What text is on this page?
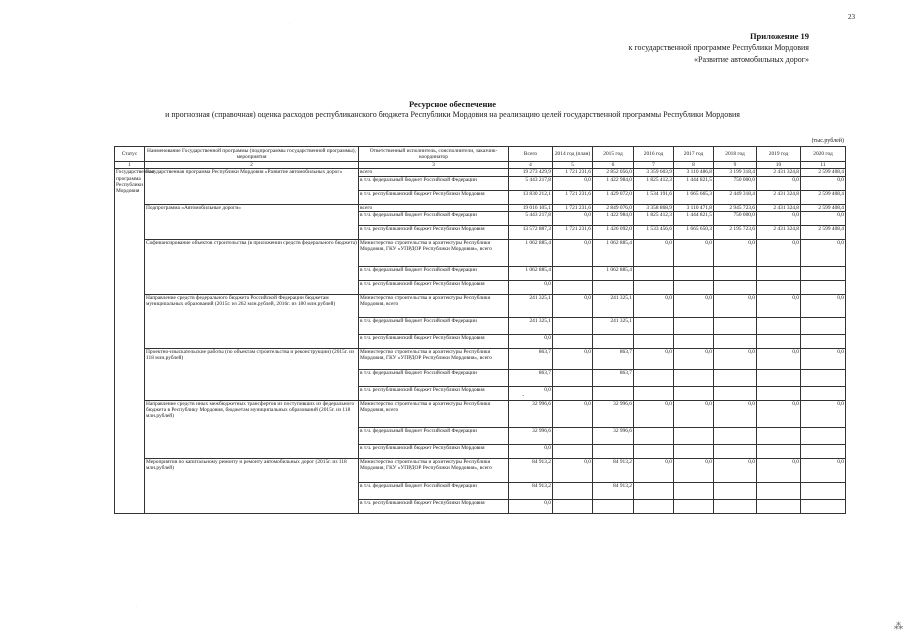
23
Приложение 19
к государственной программе Республики Мордовия
«Развитие автомобильных дорог»
Ресурсное обеспечение
и прогнозная (справочная) оценка расходов республиканского бюджета Республики Мордовия на реализацию целей государственной программы Республики Мордовия
(тыс.рублей)
·
·
·
Статус	Наименование Государственной программы (подпрограммы государственной программы), мероприятия	Ответственный исполнитель, соисполнители, заказчик-координатор	Всего	2014 год (план)	2015 год	2016 год	2017 год	2018 год	2019 год	2020 год
1	2	3	4	5	6	7	8	9	10	11
Государственная программа Республики Мордовия	Государственная программа Республики Мордовия «Развитие автомобильных дорог»	всего	19 273 429,9	1 721 231,6	2 852 056,0	3 359 603,9	3 110 486,8	3 199 318,4	2 431 324,8	2 599 408,4
		в т.ч. федеральный бюджет Российской Федерации	5 443 217,8	0,0	1 422 984,0	1 825 412,3	1 444 821,5	750 000,0	0,0	0,0
		в т.ч. республиканский бюджет Республики Мордовия	13 830 212,1	1 721 231,6	1 429 072,0	1 534 191,6	1 665 665,3	2 449 318,4	2 431 324,8	2 599 408,4
	Подпрограмма «Автомобильные дороги»	всего	19 016 105,1	1 721 231,6	2 849 076,0	3 358 868,9	3 110 471,8	2 945 723,6	2 431 324,8	2 599 408,4
		в т.ч. федеральный бюджет Российской Федерации	5 443 217,8	0,0	1 422 984,0	1 825 412,3	1 444 821,5	750 000,0	0,0	0,0
		в т.ч. республиканский бюджет Республики Мордовия	13 572 887,3	1 721 231,6	1 426 092,0	1 533 456,6	1 665 650,3	2 195 723,6	2 431 324,8	2 599 408,4
	Софинансирование объектов строительства (в приложении средств федерального бюджета)	Министерство строительства и архитектуры Республики Мордовия, ГКУ «УПРДОР Республики Мордовия», всего	1 062 885,4	0,0	1 062 885,4	0,0	0,0	0,0	0,0	0,0
		в т.ч. федеральный бюджет Российской Федерации	1 062 885,4		1 062 885,4					
		в т.ч. республиканский бюджет Республики Мордовия	0,0							
	Направление средств федерального бюджета Российской Федерации бюджетам муниципальных образований (2015г. из 262 млн.рублей, 2016г. из 180 млн.рублей)	Министерство строительства и архитектуры Республики Мордовия, всего	241 325,1	0,0	241 325,1	0,0	0,0	0,0	0,0	0,0
		в т.ч. федеральный бюджет Российской Федерации	241 325,1		241 325,1					
		в т.ч. республиканский бюджет Республики Мордовия	0,0							
	Проектно-изыскательские работы (по объектам строительства и реконструкции) (2015г. из 118 млн.рублей)	Министерство строительства и архитектуры Республики Мордовия, ГКУ «УПРДОР Республики Мордовия», всего	863,7	0,0	863,7	0,0	0,0	0,0	0,0	0,0
		в т.ч. федеральный бюджет Российской Федерации	863,7		863,7					
		в т.ч. республиканский бюджет Республики Мордовия	0,0							
	Направление средств иных межбюджетных трансфертов из поступивших из федерального бюджета в Республику Мордовия, бюджетам муниципальных образований (2015г. из 118 млн.рублей)	Министерство строительства и архитектуры Республики Мордовия, всего	32 996,6	0,0	32 996,6	0,0	0,0	0,0	0,0	0,0
		в т.ч. федеральный бюджет Российской Федерации	32 996,6		32 996,6					
		в т.ч. республиканский бюджет Республики Мордовия	0,0							
	Мероприятия по капитальному ремонту и ремонту автомобильных дорог (2015г. из 118 млн.рублей)	Министерство строительства и архитектуры Республики Мордовия, ГКУ «УПРДОР Республики Мордовия», всего	84 913,2	0,0	84 913,2	0,0	0,0	0,0	0,0	0,0
		в т.ч. федеральный бюджет Российской Федерации	84 913,2		84 913,2					
		в т.ч. республиканский бюджет Республики Мордовия	0,0							
⁂
